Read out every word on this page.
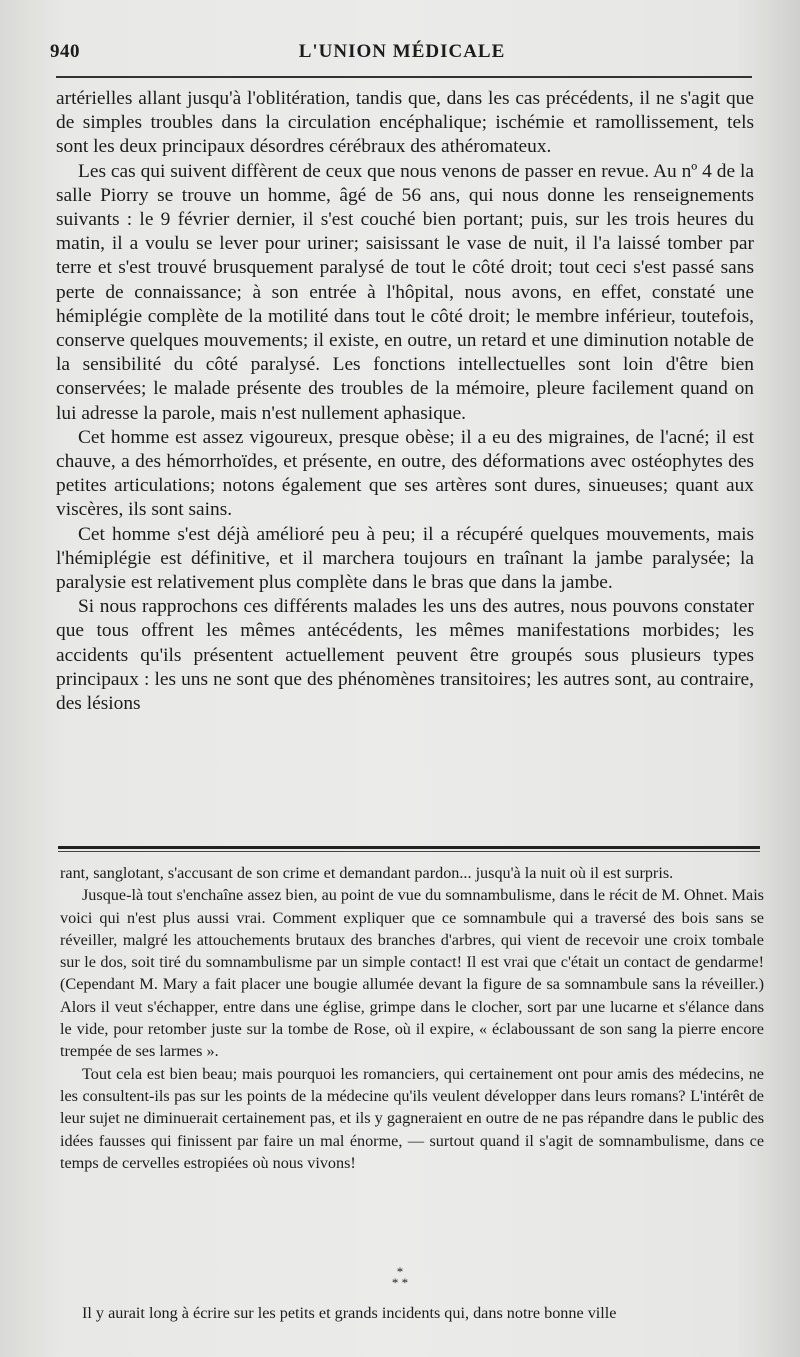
940	L'UNION MÉDICALE

artérielles allant jusqu'à l'oblitération, tandis que, dans les cas précédents, il ne s'agit que de simples troubles dans la circulation encéphalique; ischémie et ramollissement, tels sont les deux principaux désordres cérébraux des athéromateux.

Les cas qui suivent diffèrent de ceux que nous venons de passer en revue. Au nº 4 de la salle Piorry se trouve un homme, âgé de 56 ans, qui nous donne les renseignements suivants : le 9 février dernier, il s'est couché bien portant; puis, sur les trois heures du matin, il a voulu se lever pour uriner; saisissant le vase de nuit, il l'a laissé tomber par terre et s'est trouvé brusquement paralysé de tout le côté droit; tout ceci s'est passé sans perte de connaissance; à son entrée à l'hôpital, nous avons, en effet, constaté une hémiplégie complète de la motilité dans tout le côté droit; le membre inférieur, toutefois, conserve quelques mouvements; il existe, en outre, un retard et une diminution notable de la sensibilité du côté paralysé. Les fonctions intellectuelles sont loin d'être bien conservées; le malade présente des troubles de la mémoire, pleure facilement quand on lui adresse la parole, mais n'est nullement aphasique.

Cet homme est assez vigoureux, presque obèse; il a eu des migraines, de l'acné; il est chauve, a des hémorrhoïdes, et présente, en outre, des déformations avec ostéophytes des petites articulations; notons également que ses artères sont dures, sinueuses; quant aux viscères, ils sont sains.

Cet homme s'est déjà amélioré peu à peu; il a récupéré quelques mouvements, mais l'hémiplégie est définitive, et il marchera toujours en traînant la jambe paralysée; la paralysie est relativement plus complète dans le bras que dans la jambe.

Si nous rapprochons ces différents malades les uns des autres, nous pouvons constater que tous offrent les mêmes antécédents, les mêmes manifestations morbides; les accidents qu'ils présentent actuellement peuvent être groupés sous plusieurs types principaux : les uns ne sont que des phénomènes transitoires; les autres sont, au contraire, des lésions

rant, sanglotant, s'accusant de son crime et demandant pardon... jusqu'à la nuit où il est surpris.

Jusque-là tout s'enchaîne assez bien, au point de vue du somnambulisme, dans le récit de M. Ohnet. Mais voici qui n'est plus aussi vrai. Comment expliquer que ce somnambule qui a traversé des bois sans se réveiller, malgré les attouchements brutaux des branches d'arbres, qui vient de recevoir une croix tombale sur le dos, soit tiré du somnambulisme par un simple contact! Il est vrai que c'était un contact de gendarme! (Cependant M. Mary a fait placer une bougie allumée devant la figure de sa somnambule sans la réveiller.) Alors il veut s'échapper, entre dans une église, grimpe dans le clocher, sort par une lucarne et s'élance dans le vide, pour retomber juste sur la tombe de Rose, où il expire, « éclaboussant de son sang la pierre encore trempée de ses larmes ».

Tout cela est bien beau; mais pourquoi les romanciers, qui certainement ont pour amis des médecins, ne les consultent-ils pas sur les points de la médecine qu'ils veulent développer dans leurs romans? L'intérêt de leur sujet ne diminuerait certainement pas, et ils y gagneraient en outre de ne pas répandre dans le public des idées fausses qui finissent par faire un mal énorme, — surtout quand il s'agit de somnambulisme, dans ce temps de cervelles estropiées où nous vivons!

*
* *
Il y aurait long à écrire sur les petits et grands incidents qui, dans notre bonne ville
